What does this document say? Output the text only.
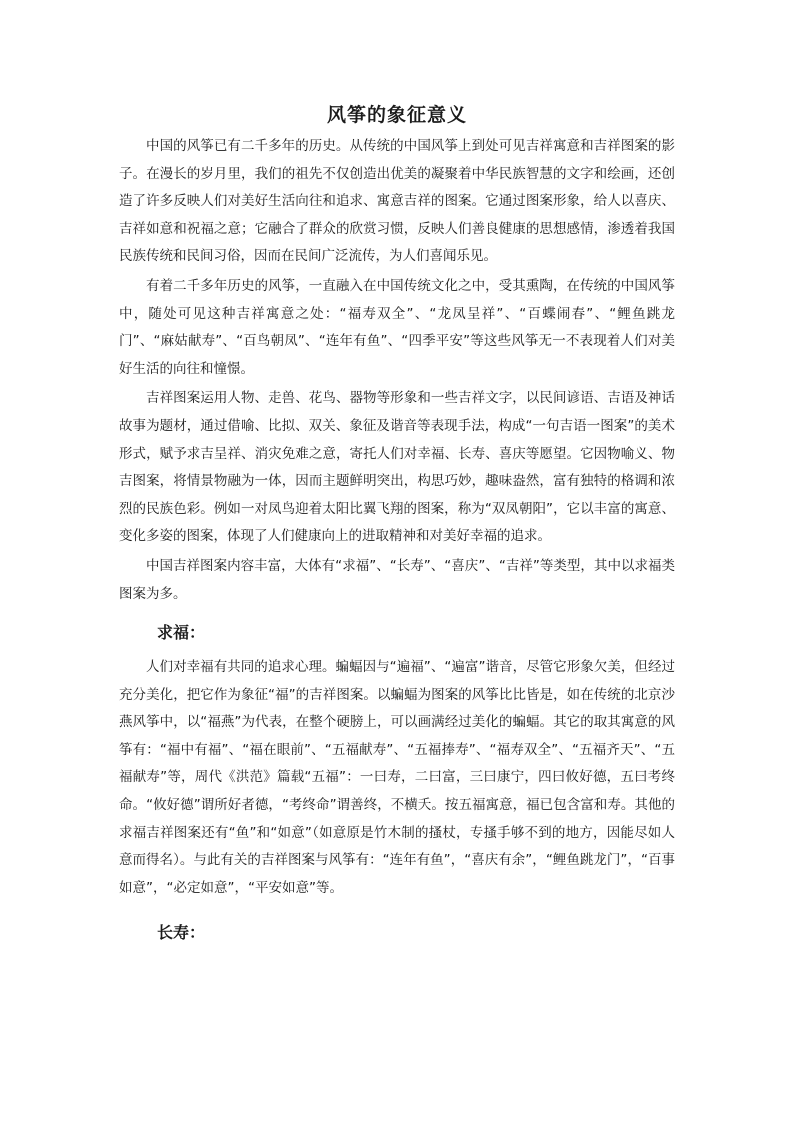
风筝的象征意义

中国的风筝已有二千多年的历史。从传统的中国风筝上到处可见吉祥寓意和吉祥图案的影子。在漫长的岁月里，我们的祖先不仅创造出优美的凝聚着中华民族智慧的文字和绘画，还创造了许多反映人们对美好生活向往和追求、寓意吉祥的图案。它通过图案形象，给人以喜庆、吉祥如意和祝福之意；它融合了群众的欣赏习惯，反映人们善良健康的思想感情，渗透着我国民族传统和民间习俗，因而在民间广泛流传，为人们喜闻乐见。

有着二千多年历史的风筝，一直融入在中国传统文化之中，受其熏陶，在传统的中国风筝中，随处可见这种吉祥寓意之处：“福寿双全”、“龙凤呈祥”、“百蝶闹春”、“鲤鱼跳龙门”、“麻姑献寿”、“百鸟朝凤”、“连年有鱼”、“四季平安”等这些风筝无一不表现着人们对美好生活的向往和憧憬。

吉祥图案运用人物、走兽、花鸟、器物等形象和一些吉祥文字，以民间谚语、吉语及神话故事为题材，通过借喻、比拟、双关、象征及谐音等表现手法，构成“一句吉语一图案”的美术形式，赋予求吉呈祥、消灾免难之意，寄托人们对幸福、长寿、喜庆等愿望。它因物喻义、物吉图案，将情景物融为一体，因而主题鲜明突出，构思巧妙，趣味盎然，富有独特的格调和浓烈的民族色彩。例如一对凤鸟迎着太阳比翼飞翔的图案，称为“双凤朝阳”，它以丰富的寓意、变化多姿的图案，体现了人们健康向上的进取精神和对美好幸福的追求。

中国吉祥图案内容丰富，大体有“求福”、“长寿”、“喜庆”、“吉祥”等类型，其中以求福类图案为多。

求福：

人们对幸福有共同的追求心理。蝙蝠因与“遍福”、“遍富”谐音，尽管它形象欠美，但经过充分美化，把它作为象征“福”的吉祥图案。以蝙蝠为图案的风筝比比皆是，如在传统的北京沙燕风筝中，以“福燕”为代表，在整个硬膀上，可以画满经过美化的蝙蝠。其它的取其寓意的风筝有：“福中有福”、“福在眼前”、“五福献寿”、“五福捧寿”、“福寿双全”、“五福齐天”、“五福献寿”等，周代《洪范》篇载“五福”：一曰寿，二曰富，三曰康宁，四曰攸好德，五曰考终命。“攸好德”谓所好者德，“考终命”谓善终，不横夭。按五福寓意，福已包含富和寿。其他的求福吉祥图案还有“鱼”和“如意”（如意原是竹木制的搔杖，专搔手够不到的地方，因能尽如人意而得名）。与此有关的吉祥图案与风筝有：“连年有鱼”，“喜庆有余”，“鲤鱼跳龙门”，“百事如意”，“必定如意”，“平安如意”等。

长寿：
